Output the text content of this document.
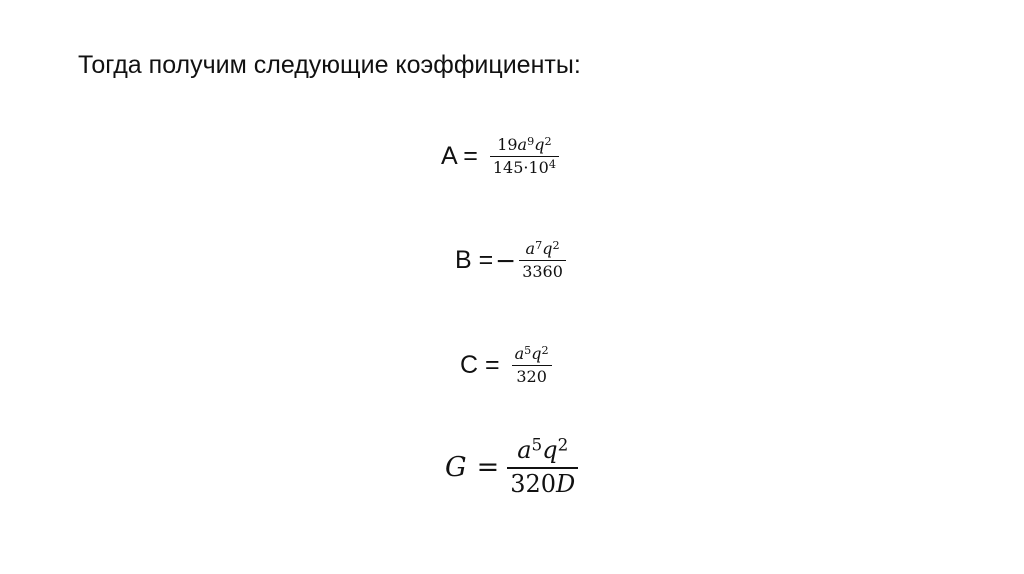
Тогда получим следующие коэффициенты:
$A = \frac{19a^9q^2}{145\cdot 10^4}$
B = − $\frac{a^7q^2}{3360}$
$C = \frac{a^5q^2}{320}$
$G = \frac{a^5q^2}{320D}$
